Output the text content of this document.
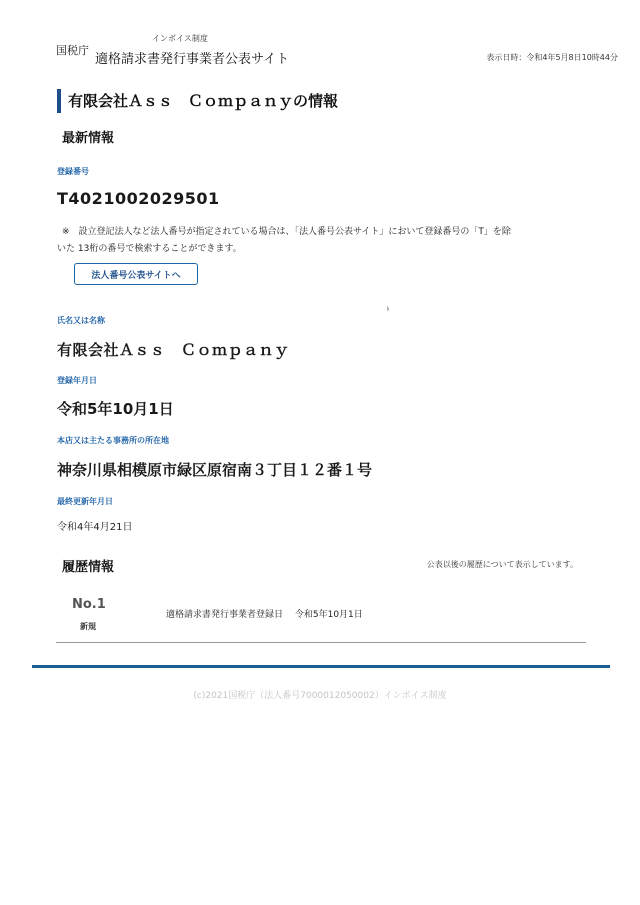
国税庁
インボイス制度
適格請求書発行事業者公表サイト	表示日時：令和4年5月8日10時44分
有限会社Ａｓｓ　Ｃｏｍｐａｎｙの情報
最新情報
登録番号
T4021002029501
※　設立登記法人など法人番号が指定されている場合は、「法人番号公表サイト」において登録番号の「T」を除
いた 13桁の番号で検索することができます。
法人番号公表サイトへ
氏名又は名称
有限会社Ａｓｓ　Ｃｏｍｐａｎｙ
登録年月日
令和5年10月1日
本店又は主たる事務所の所在地
神奈川県相模原市緑区原宿南３丁目１２番１号
最終更新年月日
令和4年4月21日
履歴情報	公表以後の履歴について表示しています。
No.1
新規
適格請求書発行事業者登録日　 令和5年10月1日
(c)2021国税庁（法人番号7000012050002）インボイス制度
ヽ
